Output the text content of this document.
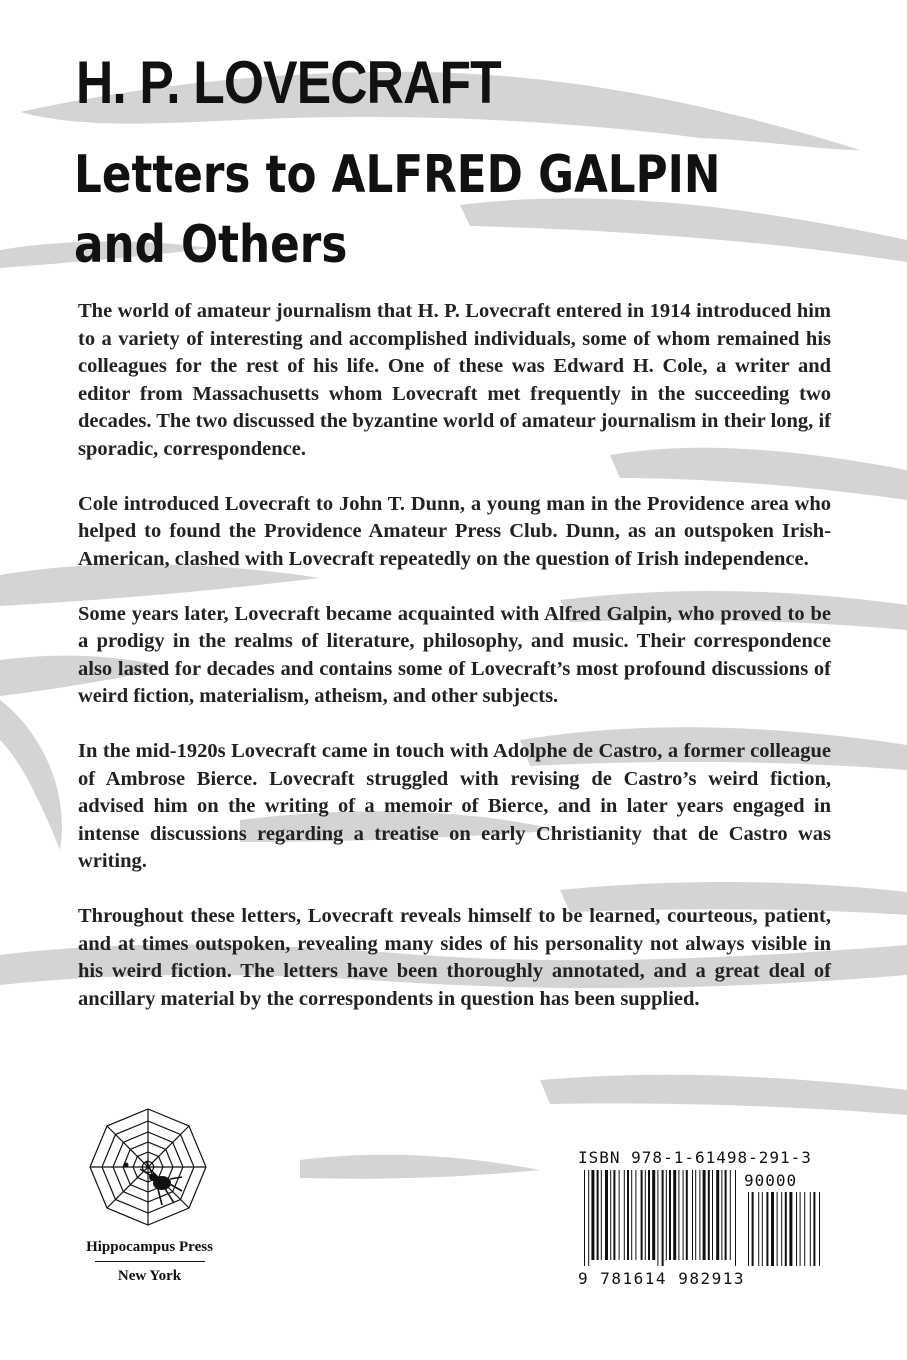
H. P. LOVECRAFT
Letters to ALFRED GALPIN
and Others

The world of amateur journalism that H. P. Lovecraft entered in 1914 introduced him to a variety of interesting and accomplished individuals, some of whom remained his colleagues for the rest of his life. One of these was Edward H. Cole, a writer and editor from Massachusetts whom Lovecraft met frequently in the succeeding two decades. The two discussed the byzantine world of amateur journalism in their long, if sporadic, correspondence.

Cole introduced Lovecraft to John T. Dunn, a young man in the Providence area who helped to found the Providence Amateur Press Club. Dunn, as an outspoken Irish-American, clashed with Lovecraft repeatedly on the question of Irish independence.

Some years later, Lovecraft became acquainted with Alfred Galpin, who proved to be a prodigy in the realms of literature, philosophy, and music. Their correspondence also lasted for decades and contains some of Lovecraft’s most profound discussions of weird fiction, materialism, atheism, and other subjects.

In the mid-1920s Lovecraft came in touch with Adolphe de Castro, a former colleague of Ambrose Bierce. Lovecraft struggled with revising de Castro’s weird fiction, advised him on the writing of a memoir of Bierce, and in later years engaged in intense discussions regarding a treatise on early Christianity that de Castro was writing.

Throughout these letters, Lovecraft reveals himself to be learned, courteous, patient, and at times outspoken, revealing many sides of his personality not always visible in his weird fiction. The letters have been thoroughly annotated, and a great deal of ancillary material by the correspondents in question has been supplied.

Hippocampus Press
New York
ISBN 978-1-61498-291-3
90000
9 781614 982913
